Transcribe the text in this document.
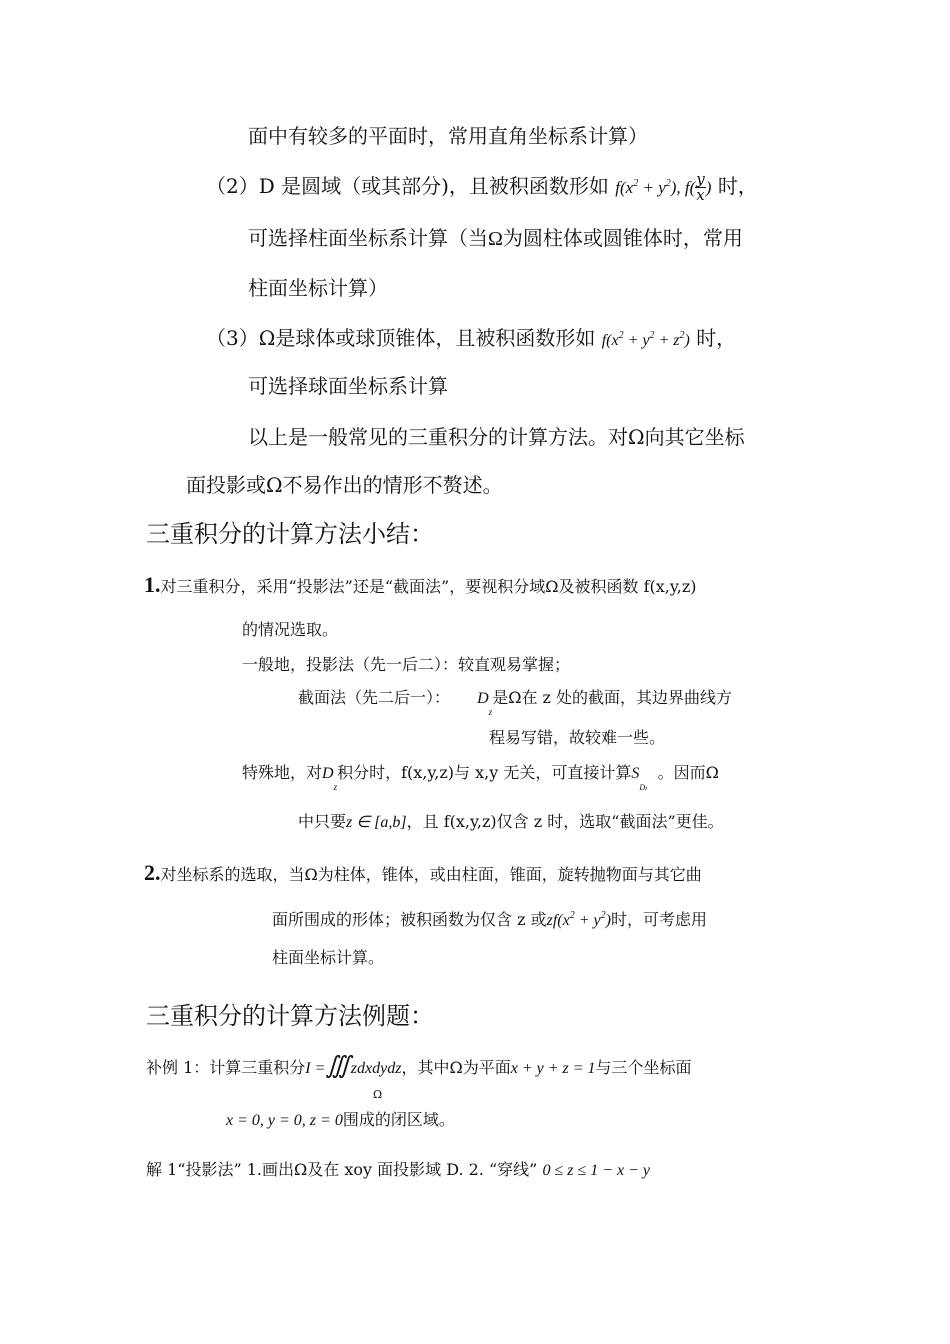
面中有较多的平面时，常用直角坐标系计算）
（2）D 是圆域（或其部分)，且被积函数形如 $f(x^2 + y^2)$, $f( \frac{y}{x}$ ) 时，
可选择柱面坐标系计算（当Ω为圆柱体或圆锥体时，常用
柱面坐标计算）
（3）Ω是球体或球顶锥体，且被积函数形如 $f(x^2 + y^2 + z^2)$ 时，
可选择球面坐标系计算
以上是一般常见的三重积分的计算方法。对Ω向其它坐标
面投影或Ω不易作出的情形不赘述。
三重积分的计算方法小结：
1.对三重积分，采用“投影法”还是“截面法”，要视积分域Ω及被积函数 f(x,y,z)
的情况选取。
一般地，投影法（先一后二）：较直观易掌握；
截面法（先二后一）： $D_z$是Ω在 z 处的截面，其边界曲线方
程易写错，故较难一些。
特殊地，对$D_z$积分时，f(x,y,z)与 x,y 无关，可直接计算$S_{Dz}$  。因而Ω
中只要z ∈ [a,b]，且 f(x,y,z)仅含 z 时，选取“截面法”更佳。
2.对坐标系的选取，当Ω为柱体，锥体，或由柱面，锥面，旋转抛物面与其它曲
面所围成的形体；被积函数为仅含 z 或$zf(x^2 + y^2)$时，可考虑用
柱面坐标计算。
三重积分的计算方法例题：
补例 1：计算三重积分I =∭zdxdydz，其中Ω为平面x + y + z = 1与三个坐标面
Ω
x = 0, y = 0, z = 0围成的闭区域。
解 1“投影法” 1.画出Ω及在 xoy 面投影域 D. 2. “穿线” 0 ≤ z ≤ 1 − x − y
